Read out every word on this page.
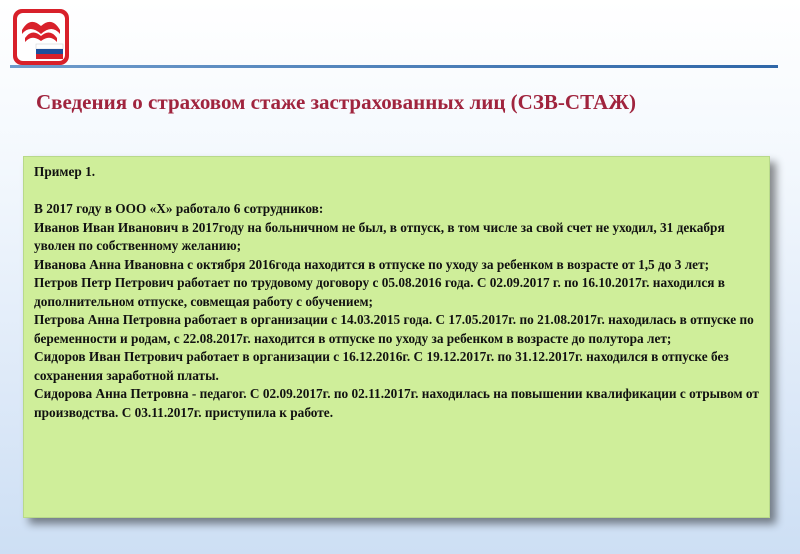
Сведения о страховом стаже застрахованных лиц (СЗВ-СТАЖ)

Пример 1.

В 2017 году в ООО «Х» работало 6 сотрудников:

Иванов Иван Иванович в 2017году на больничном не был, в отпуск, в том числе за свой счет не уходил, 31 декабря уволен по собственному желанию;

Иванова Анна Ивановна с октября 2016года находится в отпуске по уходу за ребенком в возрасте от 1,5 до 3 лет;

Петров Петр Петрович работает по трудовому договору с 05.08.2016 года. С 02.09.2017 г. по 16.10.2017г. находился в дополнительном отпуске, совмещая работу с обучением;

Петрова Анна Петровна работает в организации с 14.03.2015 года. С 17.05.2017г. по 21.08.2017г. находилась в отпуске по беременности и родам, с 22.08.2017г. находится в отпуске по уходу за ребенком в возрасте до полутора лет;

Сидоров Иван Петрович работает в организации с 16.12.2016г. С 19.12.2017г. по 31.12.2017г. находился в отпуске без сохранения заработной платы.

Сидорова Анна Петровна - педагог. С 02.09.2017г. по 02.11.2017г. находилась на повышении квалификации с отрывом от производства. С 03.11.2017г. приступила к работе.
